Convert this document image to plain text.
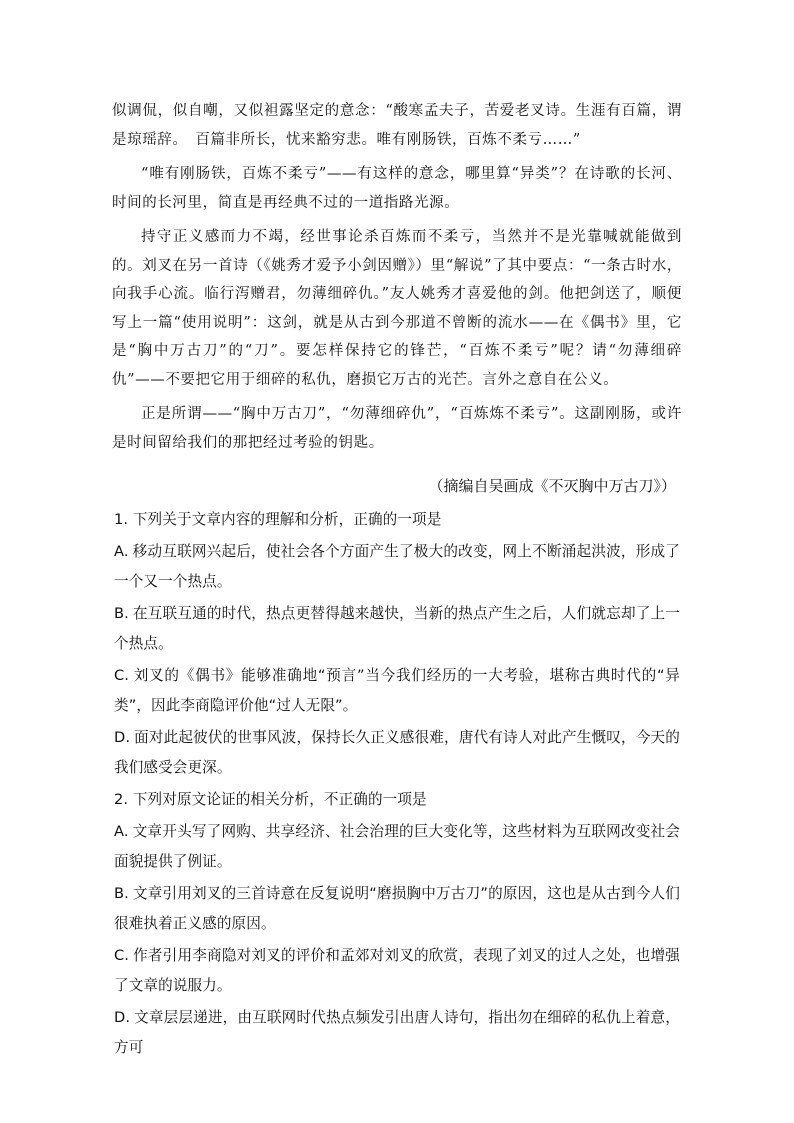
似调侃，似自嘲，又似袒露坚定的意念：“酸寒孟夫子，苦爱老叉诗。生涯有百篇，谓是琼瑶辞。　百篇非所长，忧来豁穷悲。唯有刚肠铁，百炼不柔亏……”

“唯有刚肠铁，百炼不柔亏”——有这样的意念，哪里算“异类”？在诗歌的长河、时间的长河里，简直是再经典不过的一道指路光源。

持守正义感而力不竭，经世事论杀百炼而不柔亏，当然并不是光靠喊就能做到的。刘叉在另一首诗（《姚秀才爱予小剑因赠》）里“解说”了其中要点：“一条古时水，向我手心流。临行泻赠君，勿薄细碎仇。”友人姚秀才喜爱他的剑。他把剑送了，顺便写上一篇“使用说明”：这剑，就是从古到今那道不曾断的流水——在《偶书》里，它是“胸中万古刀”的“刀”。要怎样保持它的锋芒，“百炼不柔亏”呢？请“勿薄细碎仇”——不要把它用于细碎的私仇，磨损它万古的光芒。言外之意自在公义。

正是所谓——“胸中万古刀”，“勿薄细碎仇”，“百炼炼不柔亏”。这副刚肠，或许是时间留给我们的那把经过考验的钥匙。

（摘编自吴画成《不灭胸中万古刀》）
1. 下列关于文章内容的理解和分析，正确的一项是
A. 移动互联网兴起后，使社会各个方面产生了极大的改变，网上不断涌起洪波，形成了一个又一个热点。
B. 在互联互通的时代，热点更替得越来越快，当新的热点产生之后，人们就忘却了上一个热点。
C. 刘叉的《偶书》能够准确地“预言”当今我们经历的一大考验，堪称古典时代的“异类”，因此李商隐评价他“过人无限”。
D. 面对此起彼伏的世事风波，保持长久正义感很难，唐代有诗人对此产生慨叹，今天的我们感受会更深。
2. 下列对原文论证的相关分析，不正确的一项是
A. 文章开头写了网购、共享经济、社会治理的巨大变化等，这些材料为互联网改变社会面貌提供了例证。
B. 文章引用刘叉的三首诗意在反复说明“磨损胸中万古刀”的原因，这也是从古到今人们很难执着正义感的原因。
C. 作者引用李商隐对刘叉的评价和孟郊对刘叉的欣赏，表现了刘叉的过人之处，也增强了文章的说服力。
D. 文章层层递进，由互联网时代热点频发引出唐人诗句，指出勿在细碎的私仇上着意，方可
